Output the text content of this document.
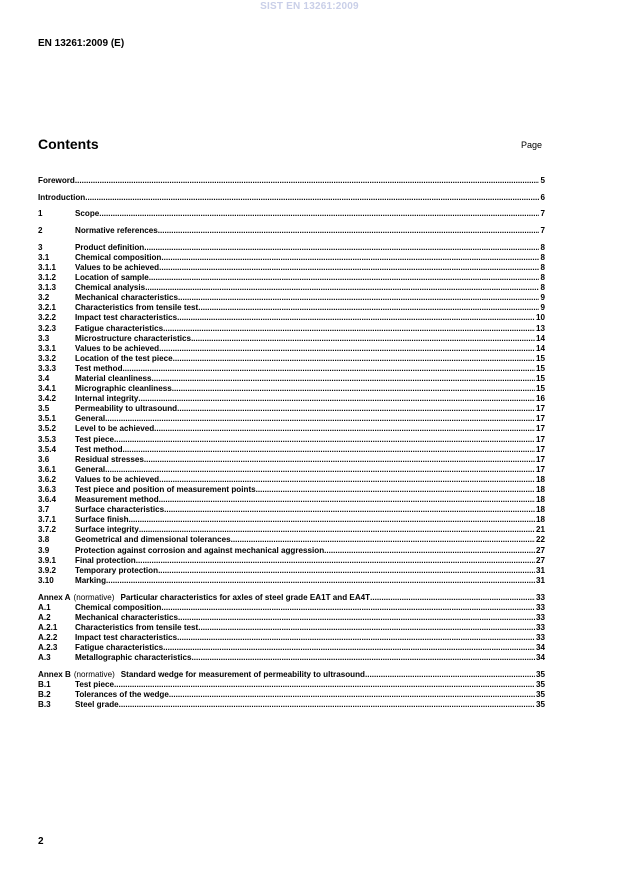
SIST EN 13261:2009
EN 13261:2009 (E)
Contents	Page
Foreword .....	5
Introduction .....	6
1	Scope .....	7
2	Normative references .....	7
3	Product definition .....	8
3.1	Chemical composition .....	8
3.1.1	Values to be achieved .....	8
3.1.2	Location of sample .....	8
3.1.3	Chemical analysis .....	8
3.2	Mechanical characteristics .....	9
3.2.1	Characteristics from tensile test .....	9
3.2.2	Impact test characteristics .....	10
3.2.3	Fatigue characteristics .....	13
3.3	Microstructure characteristics .....	14
3.3.1	Values to be achieved .....	14
3.3.2	Location of the test piece .....	15
3.3.3	Test method .....	15
3.4	Material cleanliness .....	15
3.4.1	Micrographic cleanliness .....	15
3.4.2	Internal integrity .....	16
3.5	Permeability to ultrasound .....	17
3.5.1	General .....	17
3.5.2	Level to be achieved .....	17
3.5.3	Test piece .....	17
3.5.4	Test method .....	17
3.6	Residual stresses .....	17
3.6.1	General .....	17
3.6.2	Values to be achieved .....	18
3.6.3	Test piece and position of measurement points .....	18
3.6.4	Measurement method .....	18
3.7	Surface characteristics .....	18
3.7.1	Surface finish .....	18
3.7.2	Surface integrity .....	21
3.8	Geometrical and dimensional tolerances .....	22
3.9	Protection against corrosion and against mechanical aggression .....	27
3.9.1	Final protection .....	27
3.9.2	Temporary protection .....	31
3.10	Marking .....	31
Annex A (normative) Particular characteristics for axles of steel grade EA1T and EA4T .....	33
A.1	Chemical composition .....	33
A.2	Mechanical characteristics .....	33
A.2.1	Characteristics from tensile test .....	33
A.2.2	Impact test characteristics .....	33
A.2.3	Fatigue characteristics .....	34
A.3	Metallographic characteristics .....	34
Annex B (normative) Standard wedge for measurement of permeability to ultrasound .....	35
B.1	Test piece .....	35
B.2	Tolerances of the wedge .....	35
B.3	Steel grade .....	35
2
